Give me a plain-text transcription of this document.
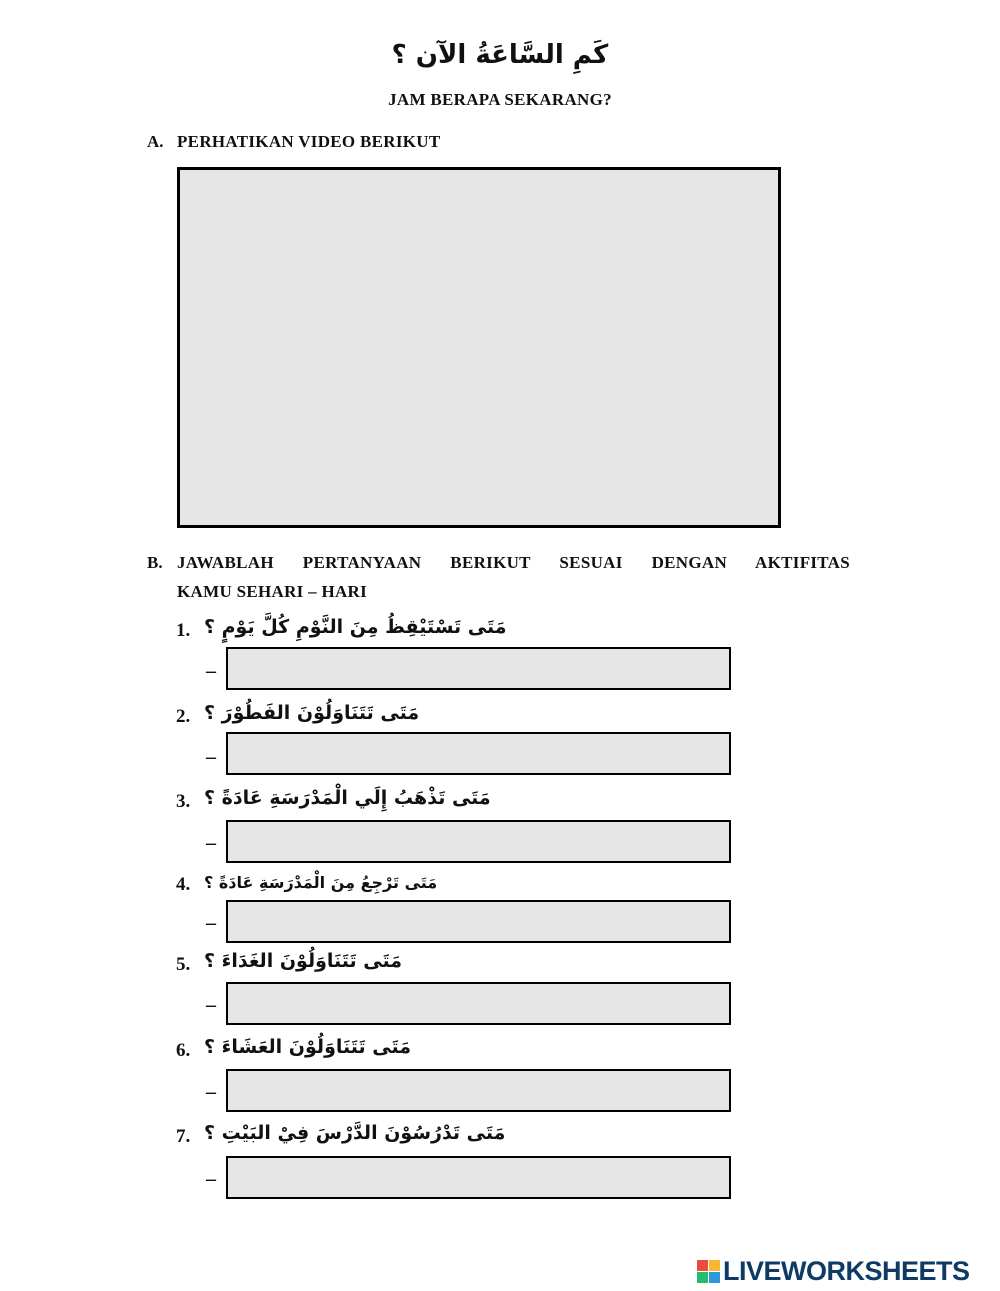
كَمِ السَّاعَةُ الآن ؟
JAM BERAPA SEKARANG?
A. PERHATIKAN VIDEO BERIKUT
B. JAWABLAH PERTANYAAN BERIKUT SESUAI DENGAN AKTIFITAS
KAMU SEHARI – HARI
1. مَتَى تَسْتَيْقِظُ مِنَ النَّوْمِ كُلَّ يَوْمٍ ؟
–
2. مَتَى تَتَنَاوَلُوْنَ الفَطُوْرَ ؟
–
3. مَتَى تَذْهَبُ إِلَي الْمَدْرَسَةِ عَادَةً ؟
–
4. مَتَى تَرْجِعُ مِنَ الْمَدْرَسَةِ عَادَةً ؟
–
5. مَتَى تَتَنَاوَلُوْنَ الغَدَاءَ ؟
–
6. مَتَى تَتَنَاوَلُوْنَ العَشَاءَ ؟
–
7. مَتَى تَدْرُسُوْنَ الدَّرْسَ فِيْ البَيْتِ ؟
–
LIVEWORKSHEETS
